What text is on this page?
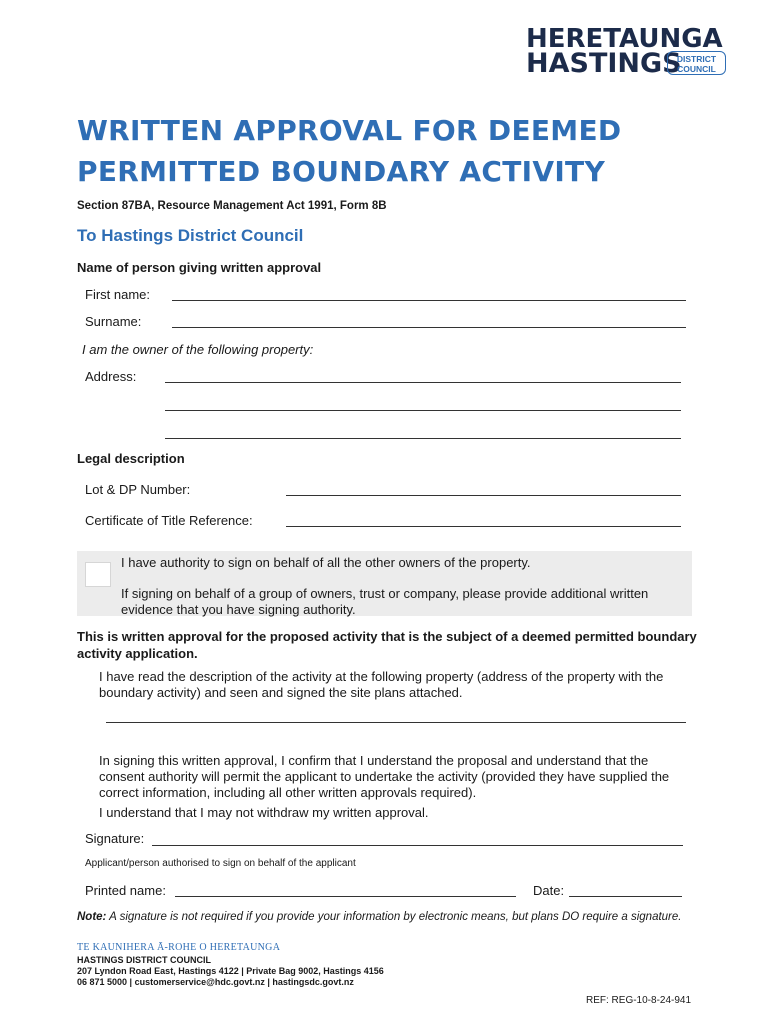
HERETAUNGA
HASTINGS
DISTRICT
COUNCIL
WRITTEN APPROVAL FOR DEEMED PERMITTED BOUNDARY ACTIVITY
Section 87BA, Resource Management Act 1991, Form 8B
To Hastings District Council
Name of person giving written approval
First name:
Surname:
I am the owner of the following property:
Address:
Legal description
Lot & DP Number:
Certificate of Title Reference:
I have authority to sign on behalf of all the other owners of the property.
If signing on behalf of a group of owners, trust or company, please provide additional written evidence that you have signing authority.
This is written approval for the proposed activity that is the subject of a deemed permitted boundary activity application.
I have read the description of the activity at the following property (address of the property with the boundary activity) and seen and signed the site plans attached.
In signing this written approval, I confirm that I understand the proposal and understand that the consent authority will permit the applicant to undertake the activity (provided they have supplied the correct information, including all other written approvals required).
I understand that I may not withdraw my written approval.
Signature:
Applicant/person authorised to sign on behalf of the applicant
Printed name:	Date:
Note: A signature is not required if you provide your information by electronic means, but plans DO require a signature.
TE KAUNIHERA Ā-ROHE O HERETAUNGA
HASTINGS DISTRICT COUNCIL
207 Lyndon Road East, Hastings 4122 | Private Bag 9002, Hastings 4156
06 871 5000 | customerservice@hdc.govt.nz | hastingsdc.govt.nz
REF: REG-10-8-24-941
